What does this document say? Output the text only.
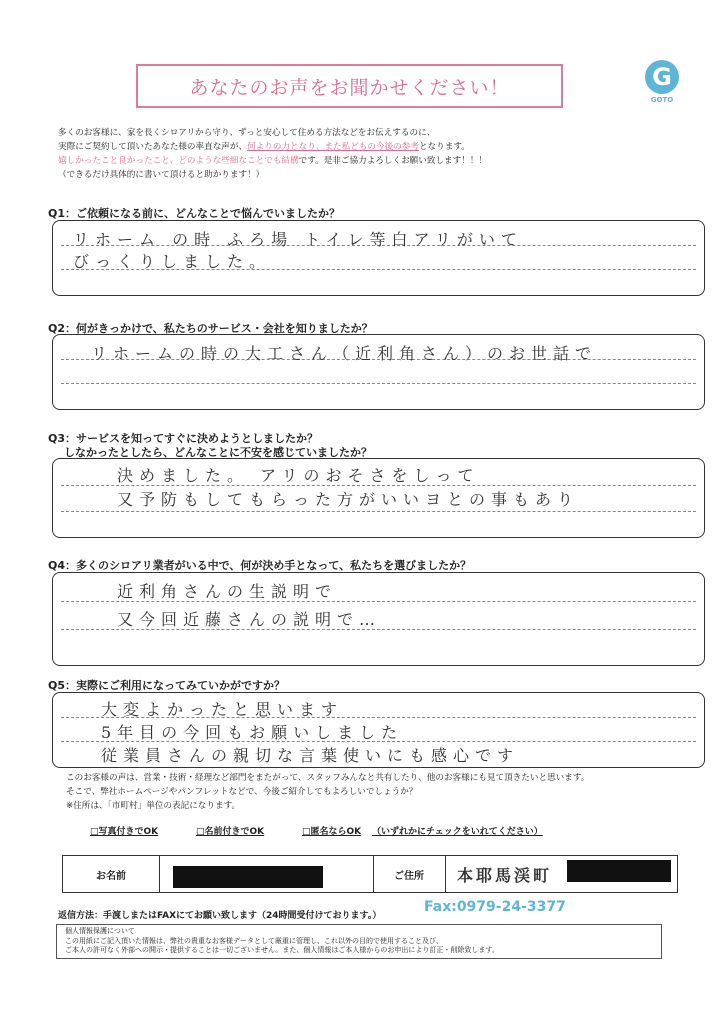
あなたのお声をお聞かせください！	G
GOTO
多くのお客様に、家を長くシロアリから守り、ずっと安心して住める方法などをお伝えするのに、
実際にご契約して頂いたあなた様の率直な声が、何よりの力となり、また私どもの今後の参考となります。
嬉しかったこと良かったこと、どのような些細なことでも結構です。是非ご協力よろしくお願い致します！！！
（できるだけ具体的に書いて頂けると助かります！）
Q1：ご依頼になる前に、どんなことで悩んでいましたか？
リホーム の時 ふろ場 トイレ等白アリがいて
びっくりしました。
Q2：何がきっかけで、私たちのサービス・会社を知りましたか？
リホームの時の大工さん（近利角さん）のお世話で
Q3：サービスを知ってすぐに決めようとしましたか？
しなかったとしたら、どんなことに不安を感じていましたか？
決めました。 アリのおそさをしって
又予防もしてもらった方がいいヨとの事もあり
Q4：多くのシロアリ業者がいる中で、何が決め手となって、私たちを選びましたか？
近利角さんの生説明で
又今回近藤さんの説明で…
Q5：実際にご利用になってみていかがですか？
大変よかったと思います
5年目の今回もお願いしました
従業員さんの親切な言葉使いにも感心です
このお客様の声は、営業・技術・経理など部門をまたがって、スタッフみんなと共有したり、他のお客様にも見て頂きたいと思います。
そこで、弊社ホームページやパンフレットなどで、今後ご紹介してもよろしいでしょうか？
※住所は、「市町村」単位の表記になります。
□写真付きでOK	□名前付きでOK	□匿名ならOK （いずれかにチェックをいれてください）
お名前	ご住所	本耶馬渓町
返信方法：手渡しまたはFAXにてお願い致します（24時間受付けております。）
Fax:0979-24-3377
個人情報保護について
この用紙にご記入頂いた情報は、弊社の貴重なお客様データとして厳重に管理し、これ以外の目的で使用すること及び、
ご本人の許可なく外部への開示・提供することは一切ございません。また、個人情報はご本人様からのお申出により訂正・削除致します。
